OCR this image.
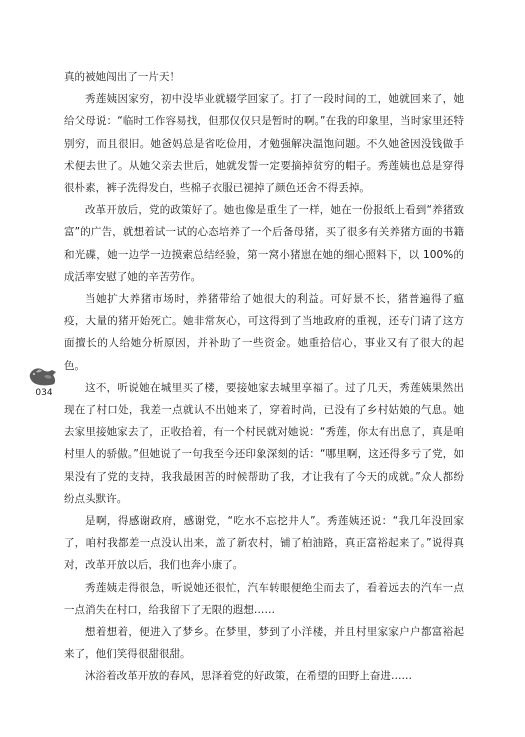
真的被她闯出了一片天！

秀莲姨因家穷，初中没毕业就辍学回家了。打了一段时间的工，她就回来了，她给父母说：“临时工作容易找，但那仅仅只是暂时的啊。”在我的印象里，当时家里还特别穷，而且很旧。她爸妈总是省吃俭用，才勉强解决温饱问题。不久她爸因没钱做手术便去世了。从她父亲去世后，她就发誓一定要摘掉贫穷的帽子。秀莲姨也总是穿得很朴素，裤子洗得发白，些棉子衣服已褪掉了颜色还舍不得丢掉。

改革开放后，党的政策好了。她也像是重生了一样，她在一份报纸上看到“养猪致富”的广告，就想着试一试的心态培养了一个后备母猪，买了很多有关养猪方面的书籍和光碟，她一边学一边摸索总结经验，第一窝小猪崽在她的细心照料下，以 100%的成活率安慰了她的辛苦劳作。

当她扩大养猪市场时，养猪带给了她很大的利益。可好景不长，猪普遍得了瘟疫，大量的猪开始死亡。她非常灰心，可这得到了当地政府的重视，还专门请了这方面擅长的人给她分析原因，并补助了一些资金。她重拾信心，事业又有了很大的起色。

这不，听说她在城里买了楼，要接她家去城里享福了。过了几天，秀莲姨果然出现在了村口处，我差一点就认不出她来了，穿着时尚，已没有了乡村姑娘的气息。她去家里接她家去了，正收拾着，有一个村民就对她说：“秀莲，你太有出息了，真是咱村里人的骄傲。”但她说了一句我至今还印象深刻的话：“哪里啊，这还得多亏了党，如果没有了党的支持，我我最困苦的时候帮助了我，才让我有了今天的成就。”众人都纷纷点头默许。

是啊，得感谢政府，感谢党，“吃水不忘挖井人”。秀莲姨还说：“我几年没回家了，咱村我都差一点没认出来，盖了新农村，铺了柏油路，真正富裕起来了。”说得真对，改革开放以后，我们也奔小康了。

秀莲姨走得很急，听说她还很忙，汽车转眼便绝尘而去了，看着远去的汽车一点一点消失在村口，给我留下了无限的遐想……

想着想着，便进入了梦乡。在梦里，梦到了小洋楼，并且村里家家户户都富裕起来了，他们笑得很甜很甜。

沐浴着改革开放的春风，思泽着党的好政策，在希望的田野上奋进……

034
